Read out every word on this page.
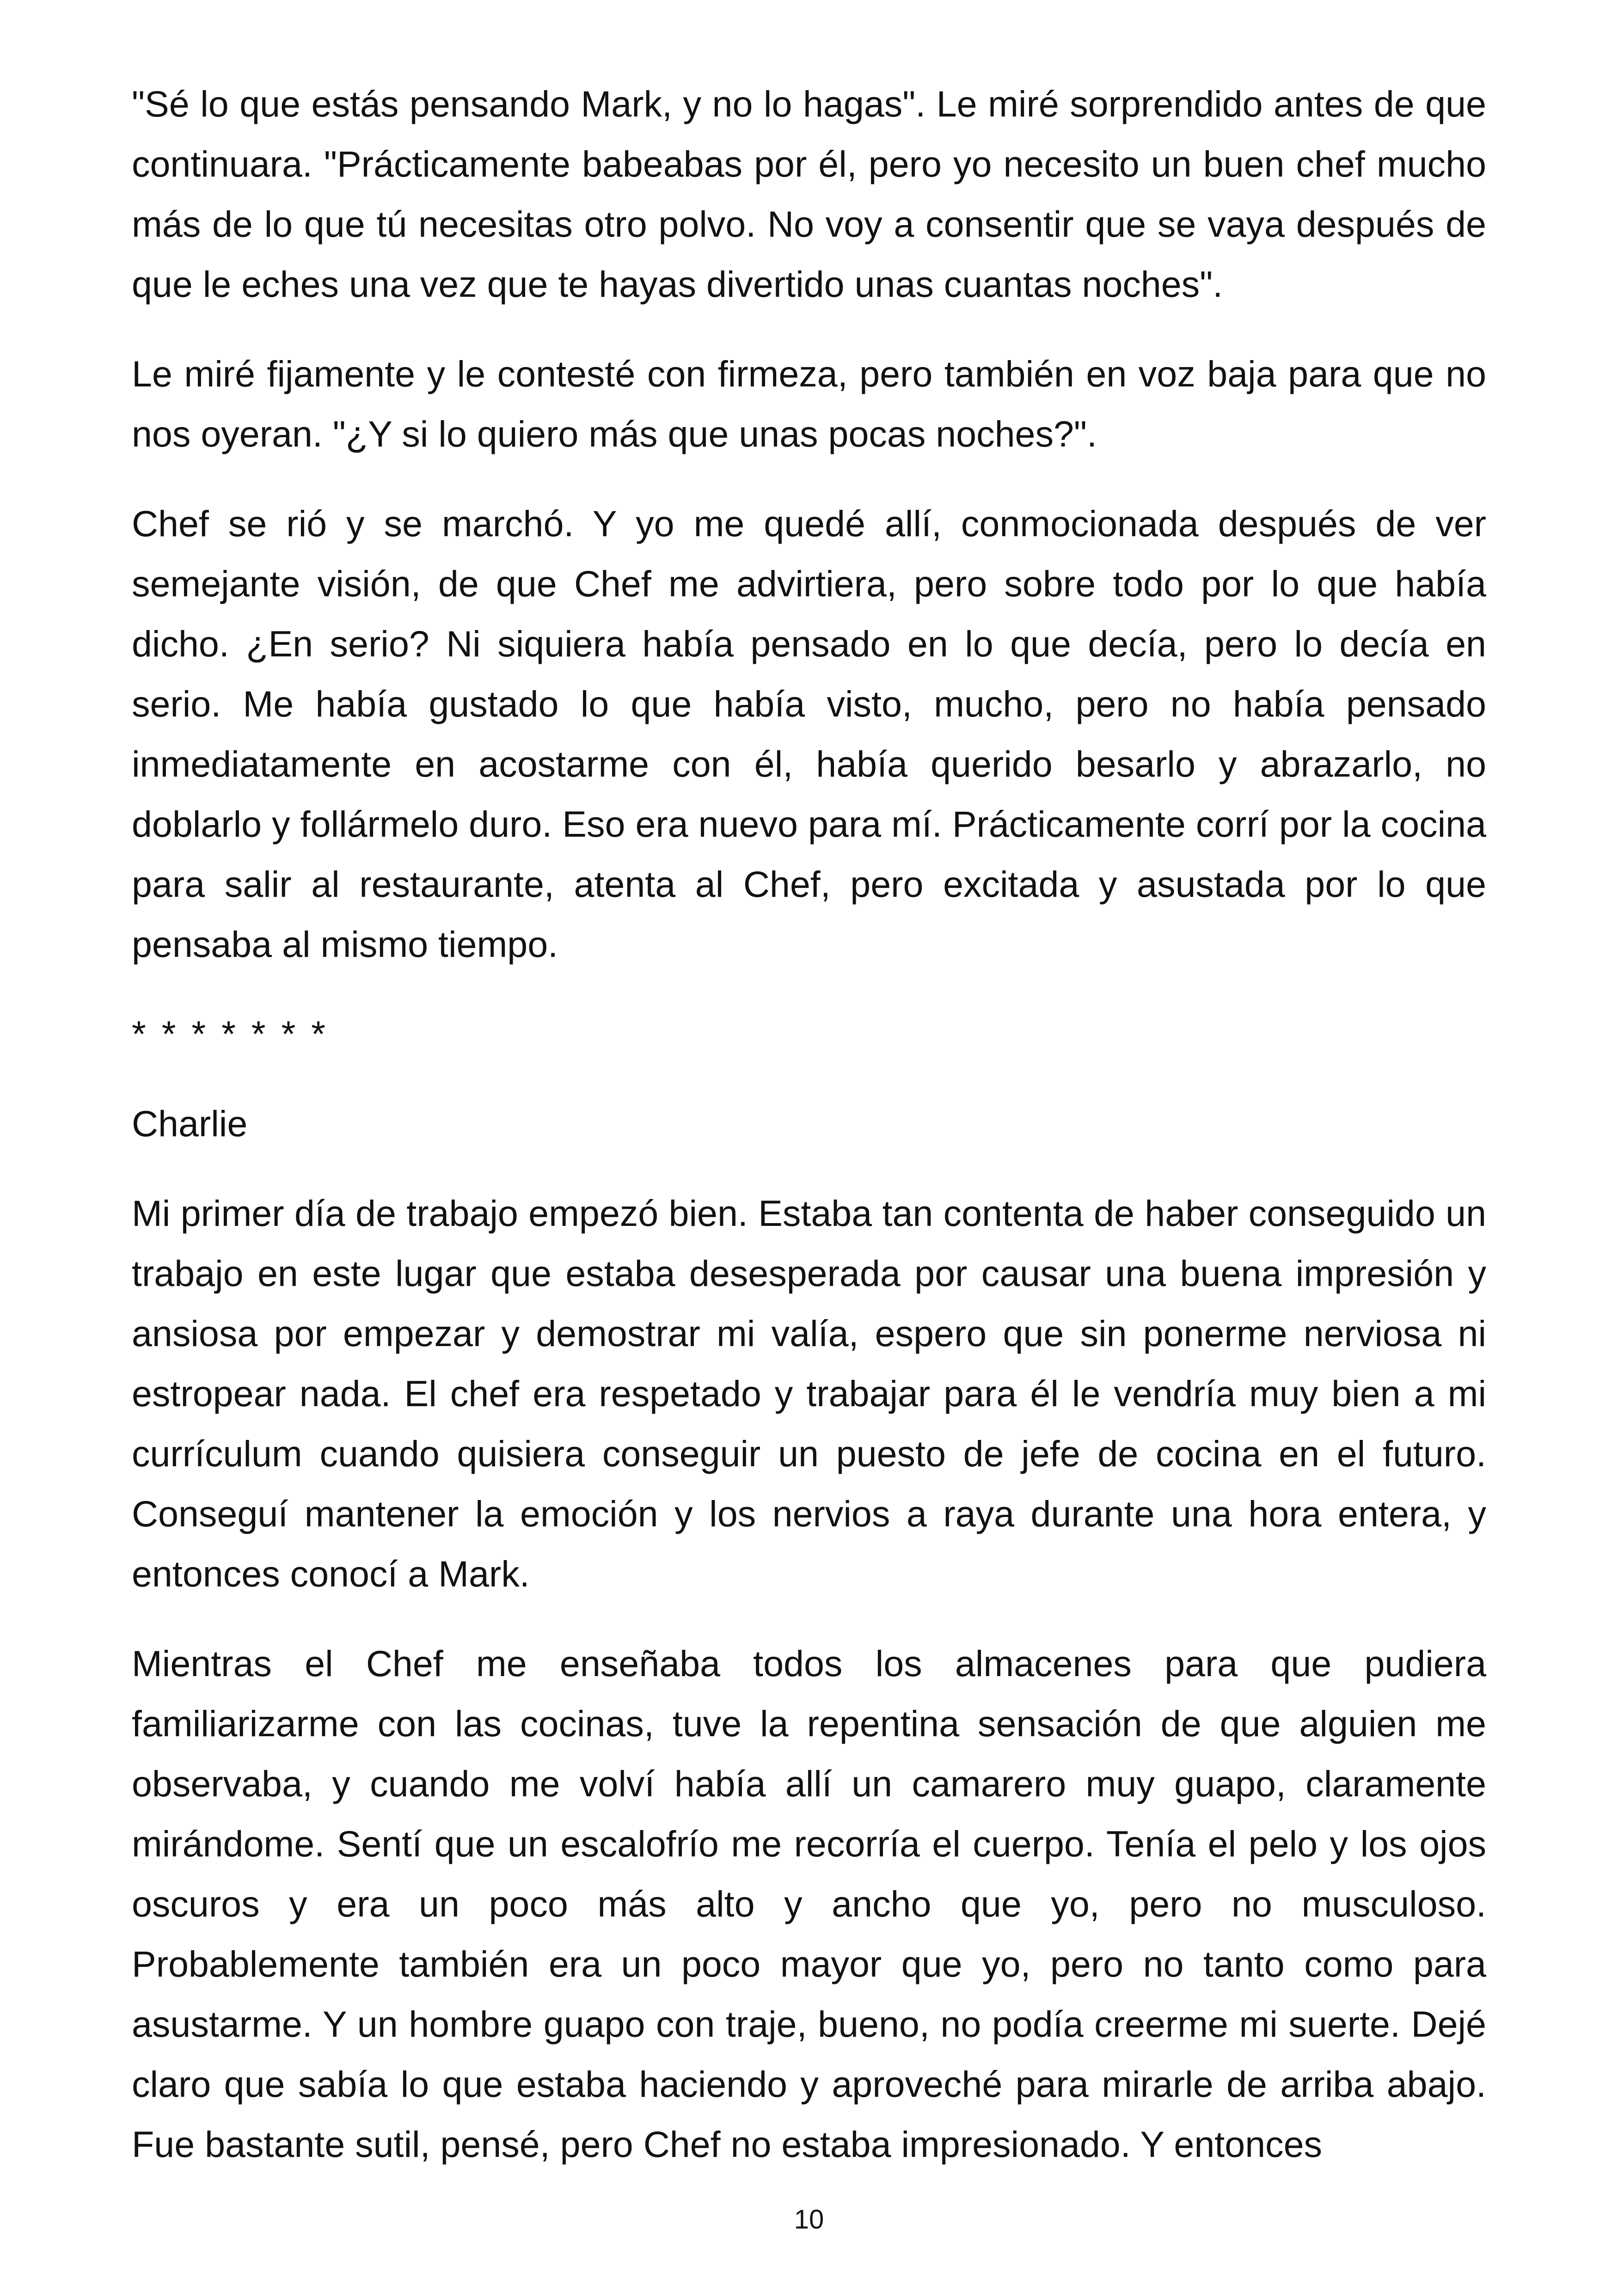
"Sé lo que estás pensando Mark, y no lo hagas". Le miré sorprendido antes de que continuara. "Prácticamente babeabas por él, pero yo necesito un buen chef mucho más de lo que tú necesitas otro polvo. No voy a consentir que se vaya después de que le eches una vez que te hayas divertido unas cuantas noches".

Le miré fijamente y le contesté con firmeza, pero también en voz baja para que no nos oyeran. "¿Y si lo quiero más que unas pocas noches?".

Chef se rió y se marchó. Y yo me quedé allí, conmocionada después de ver semejante visión, de que Chef me advirtiera, pero sobre todo por lo que había dicho. ¿En serio? Ni siquiera había pensado en lo que decía, pero lo decía en serio. Me había gustado lo que había visto, mucho, pero no había pensado inmediatamente en acostarme con él, había querido besarlo y abrazarlo, no doblarlo y follármelo duro. Eso era nuevo para mí. Prácticamente corrí por la cocina para salir al restaurante, atenta al Chef, pero excitada y asustada por lo que pensaba al mismo tiempo.

* * * * * * *

Charlie

Mi primer día de trabajo empezó bien. Estaba tan contenta de haber conseguido un trabajo en este lugar que estaba desesperada por causar una buena impresión y ansiosa por empezar y demostrar mi valía, espero que sin ponerme nerviosa ni estropear nada. El chef era respetado y trabajar para él le vendría muy bien a mi currículum cuando quisiera conseguir un puesto de jefe de cocina en el futuro. Conseguí mantener la emoción y los nervios a raya durante una hora entera, y entonces conocí a Mark.

Mientras el Chef me enseñaba todos los almacenes para que pudiera familiarizarme con las cocinas, tuve la repentina sensación de que alguien me observaba, y cuando me volví había allí un camarero muy guapo, claramente mirándome. Sentí que un escalofrío me recorría el cuerpo. Tenía el pelo y los ojos oscuros y era un poco más alto y ancho que yo, pero no musculoso. Probablemente también era un poco mayor que yo, pero no tanto como para asustarme. Y un hombre guapo con traje, bueno, no podía creerme mi suerte. Dejé claro que sabía lo que estaba haciendo y aproveché para mirarle de arriba abajo. Fue bastante sutil, pensé, pero Chef no estaba impresionado. Y entonces

10
